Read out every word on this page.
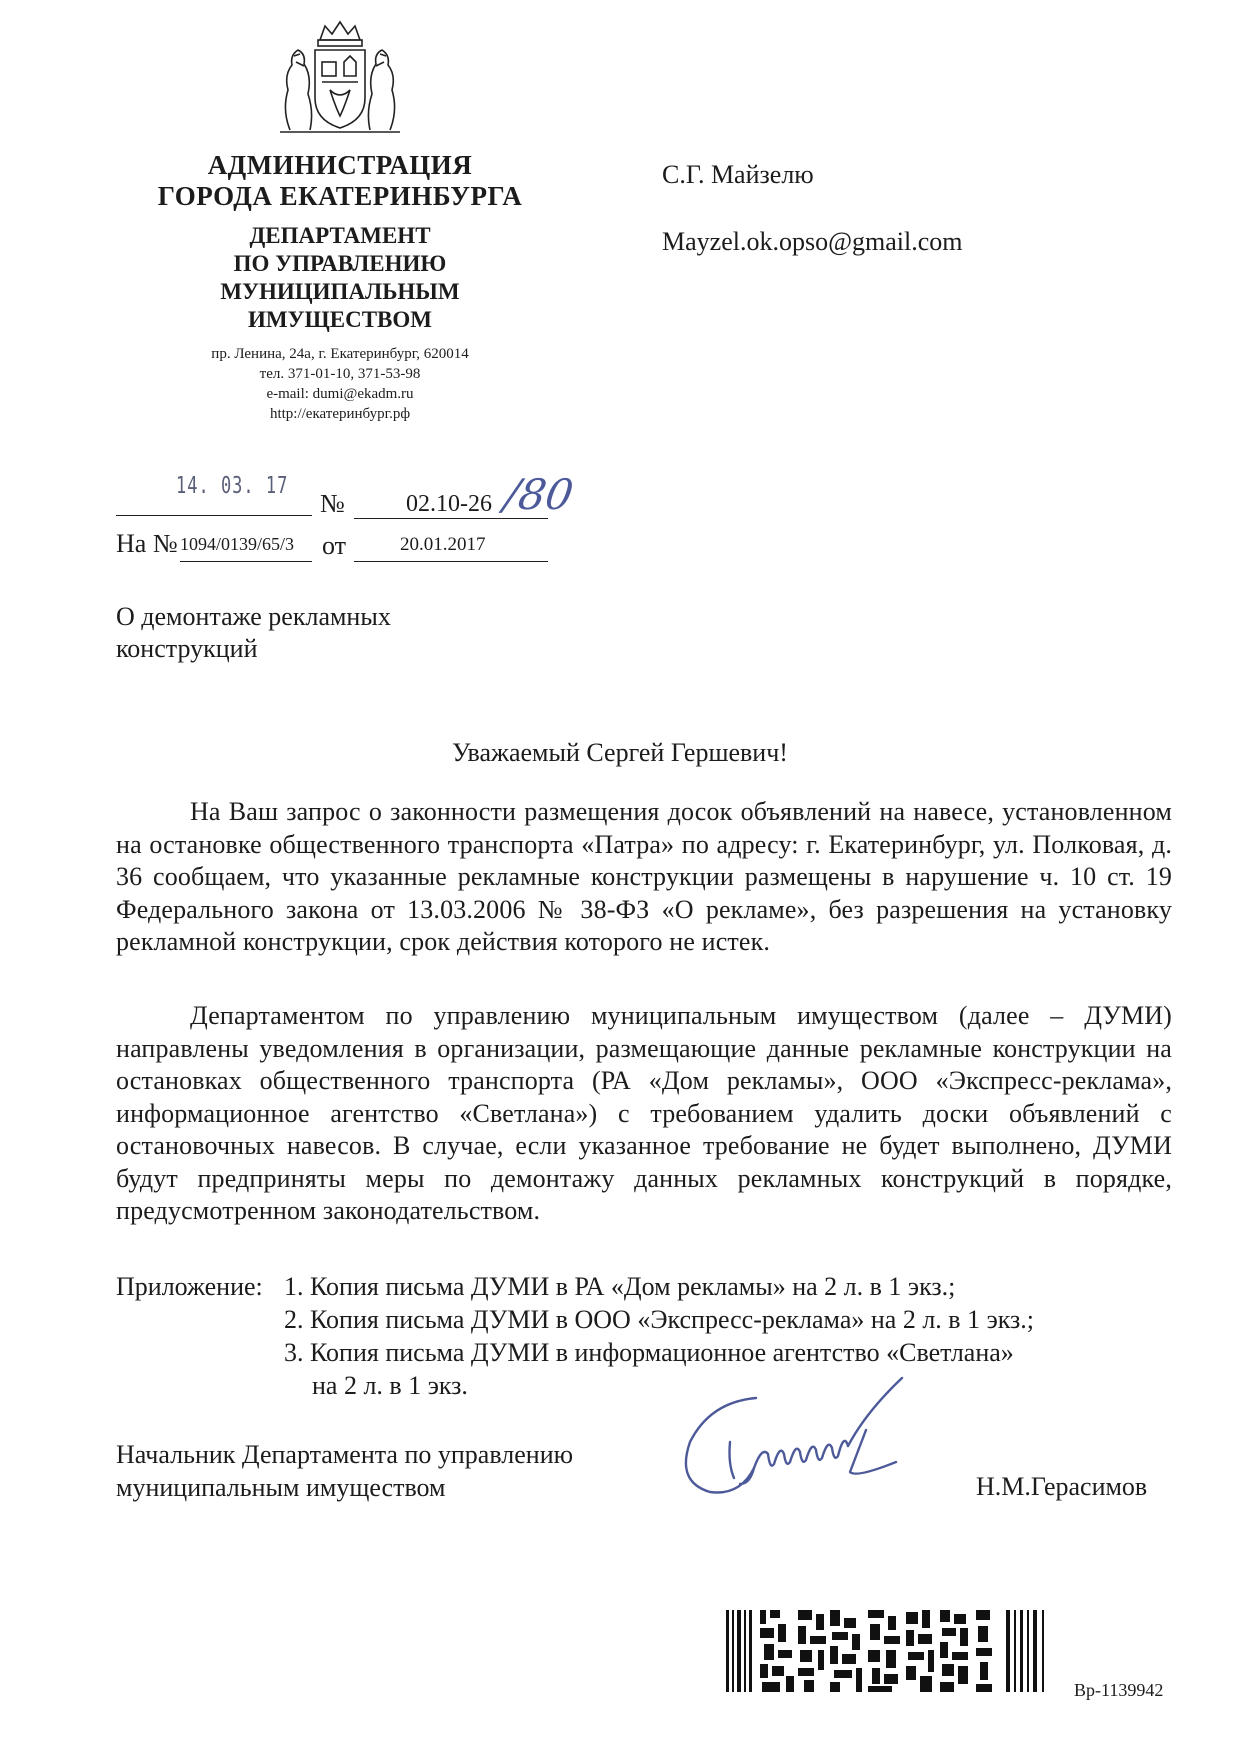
АДМИНИСТРАЦИЯ
ГОРОДА ЕКАТЕРИНБУРГА
ДЕПАРТАМЕНТ
ПО УПРАВЛЕНИЮ
МУНИЦИПАЛЬНЫМ
ИМУЩЕСТВОМ
пр. Ленина, 24а, г. Екатеринбург, 620014
тел. 371-01-10, 371-53-98
e-mail: dumi@ekadm.ru
http://екатеринбург.рф
С.Г. Майзелю
Mayzel.ok.opso@gmail.com
14. 03. 17
№	02.10-26 /80
На № 1094/0139/65/3 от	20.01.2017
О демонтаже рекламных
конструкций
Уважаемый Сергей Гершевич!
На Ваш запрос о законности размещения досок объявлений на навесе, установленном на остановке общественного транспорта «Патра» по адресу: г. Екатеринбург, ул. Полковая, д. 36 сообщаем, что указанные рекламные конструкции размещены в нарушение ч. 10 ст. 19 Федерального закона от 13.03.2006 № 38-ФЗ «О рекламе», без разрешения на установку рекламной конструкции, срок действия которого не истек.
Департаментом по управлению муниципальным имуществом (далее – ДУМИ) направлены уведомления в организации, размещающие данные рекламные конструкции на остановках общественного транспорта (РА «Дом рекламы», ООО «Экспресс-реклама», информационное агентство «Светлана») с требованием удалить доски объявлений с остановочных навесов. В случае, если указанное требование не будет выполнено, ДУМИ будут предприняты меры по демонтажу данных рекламных конструкций в порядке, предусмотренном законодательством.
Приложение: 1. Копия письма ДУМИ в РА «Дом рекламы» на 2 л. в 1 экз.;
2. Копия письма ДУМИ в ООО «Экспресс-реклама» на 2 л. в 1 экз.;
3. Копия письма ДУМИ в информационное агентство «Светлана»
на 2 л. в 1 экз.
Начальник Департамента по управлению
муниципальным имуществом	Н.М.Герасимов
Вр-1139942
